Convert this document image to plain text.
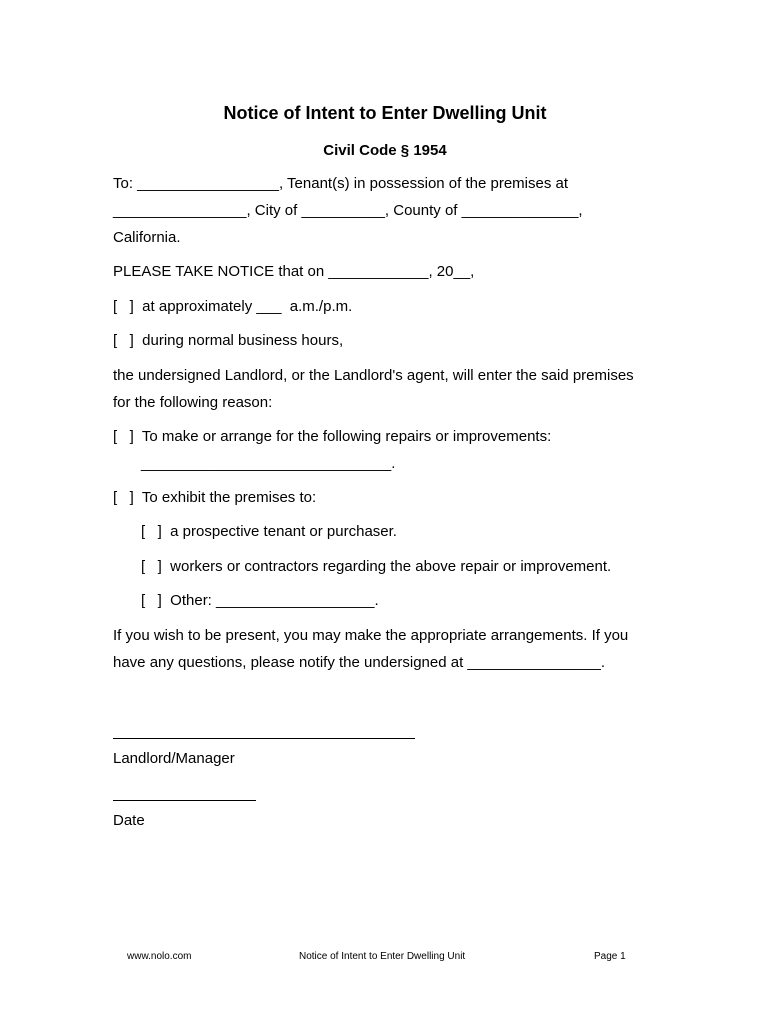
Notice of Intent to Enter Dwelling Unit
Civil Code § 1954
To: _________________, Tenant(s) in possession of the premises at
________________, City of __________, County of ______________,
California.
PLEASE TAKE NOTICE that on ____________, 20__,
[   ]  at approximately ___  a.m./p.m.
[   ]  during normal business hours,
the undersigned Landlord, or the Landlord's agent, will enter the said premises
for the following reason:
[   ]  To make or arrange for the following repairs or improvements:
______________________________.
[   ]  To exhibit the premises to:
[   ]  a prospective tenant or purchaser.
[   ]  workers or contractors regarding the above repair or improvement.
[   ]  Other: ___________________.
If you wish to be present, you may make the appropriate arrangements. If you
have any questions, please notify the undersigned at ________________.
Landlord/Manager
Date
www.nolo.com	Notice of Intent to Enter Dwelling Unit	Page 1
